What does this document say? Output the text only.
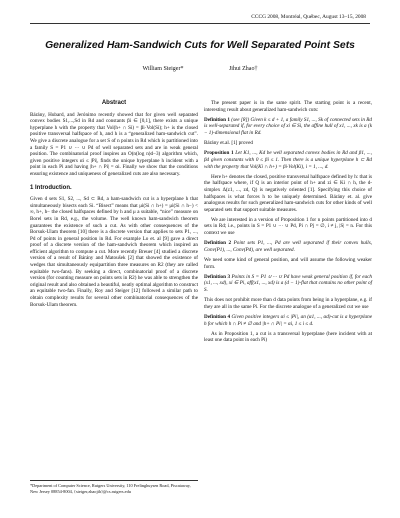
CCCG 2008, Montréal, Québec, August 13–15, 2008
Generalized Ham-Sandwich Cuts for Well Separated Point Sets
William Steiger*	Jihui Zhao†
Abstract

Bárány, Hubard, and Jerónimo recently showed that for given well separated convex bodies S1,...,Sd in Rd and constants βi ∈ [0,1], there exists a unique hyperplane h with the property that Vol(h+ ∩ Si) = βi·Vol(Si); h+ is the closed positive transversal halfspace of h, and h is a “generalized ham-sandwich cut”. We give a discrete analogue for a set S of n points in Rd which is partitioned into a family S = P1 ∪ ··· ∪ Pd of well separated sets and are in weak general position. The combinatorial proof inspires an O(n(log n)d−3) algorithm which, given positive integers αi ≤ |Pi|, finds the unique hyperplane h incident with a point in each Pi and having |h+ ∩ Pi| = αi. Finally we show that the conditions ensuring existence and uniqueness of generalized cuts are also necessary.

1 Introduction.

Given d sets S1, S2, ..., Sd ⊂ Rd, a ham-sandwich cut is a hyperplane h that simultaneously bisects each Si. “Bisect” means that μi(Si ∩ h+) = μi(Si ∩ h−) < ∞, h+, h− the closed halfspaces defined by h and μ a suitable, “nice” measure on Borel sets in Rd, e.g., the volume. The well known ham-sandwich theorem guarantees the existence of such a cut. As with other consequences of the Borsuk-Ulam theorem [10] there is a discrete version that applies to sets P1, ..., Pd of points in general position in Rd. For example Lo et. al [9] gave a direct proof of a discrete version of the ham-sandwich theorem which inspired an efficient algorithm to compute a cut. More recently Breuer [4] studied a discrete version of a result of Bárány and Matoušek [2] that showed the existence of wedges that simultaneously equipartition three measures on R2 (they are called equitable two-fans). By seeking a direct, combinatorial proof of a discrete version (for counting measure on points sets in R2) he was able to strengthen the original result and also obtained a beautiful, neatly optimal algorithm to construct an equitable two-fan. Finally, Roy and Steiger [12] followed a similar path to obtain complexity results for several other combinatorial consequences of the Borsuk-Ulam theorem.

The present paper is in the same spirit. The starting point is a recent, interesting result about generalized ham-sandwich cuts:

Definition 1 (see [8]) Given k ≤ d + 1, a family S1, ..., Sk of connected sets in Rd is well-separated if, for every choice of xi ∈ Si, the affine hull of x1, ..., xk is a (k − 1)-dimensional flat in Rd.

Bárány et.al. [1] proved

Proposition 1 Let K1, ..., Kd be well separated convex bodies in Rd and β1, ..., βd given constants with 0 ≤ βi ≤ 1. Then there is a unique hyperplane h ⊂ Rd with the property that Vol(Ki ∩ h+) = βi·Vol(Ki), i = 1, ..., d.

Here h+ denotes the closed, positive transversal halfspace defined by h: that is the halfspace where, if Q is an interior point of h+ and zi ∈ Ki ∩ h, the d-simplex Δ(z1, ..., zd, Q) is negatively oriented [1]. Specifying this choice of halfspaces is what forces h to be uniquely determined. Bárány et. al. give analogous results for such generalized ham-sandwich cuts for other kinds of well separated sets that support suitable measures.

We are interested in a version of Proposition 1 for n points partitioned into d sets in Rd; i.e., points in S = P1 ∪ ··· ∪ Pd, Pi ∩ Pj = ∅, i ≠ j, |S| = n. For this context we use

Definition 2 Point sets P1, ..., Pd are well separated if their convex hulls, Conv(P1), ..., Conv(Pd), are well separated.

We need some kind of general position, and will assume the following weaker form.

Definition 3 Points in S = P1 ∪ ··· ∪ Pd have weak general position if, for each (x1, ..., xd), xi ∈ Pi, aff(x1, ..., xd) is a (d − 1)-flat that contains no other point of S.

This does not prohibit more than d data points from being in a hyperplane, e.g. if they are all in the same Pi. For the discrete analogue of a generalized cut we use

Definition 4 Given positive integers αi ≤ |Pi|, an (α1, ..., αd)-cut is a hyperplane h for which h ∩ Pi ≠ ∅ and |h+ ∩ Pi| = αi, 1 ≤ i ≤ d.

As in Proposition 1, a cut is a transversal hyperplane (here incident with at least one data point in each Pi)

*Department of Computer Science, Rutgers University, 110 Frelinghuysen Road, Piscataway, New Jersey 08854-8004, {steiger,zhaojih}@cs.rutgers.edu
